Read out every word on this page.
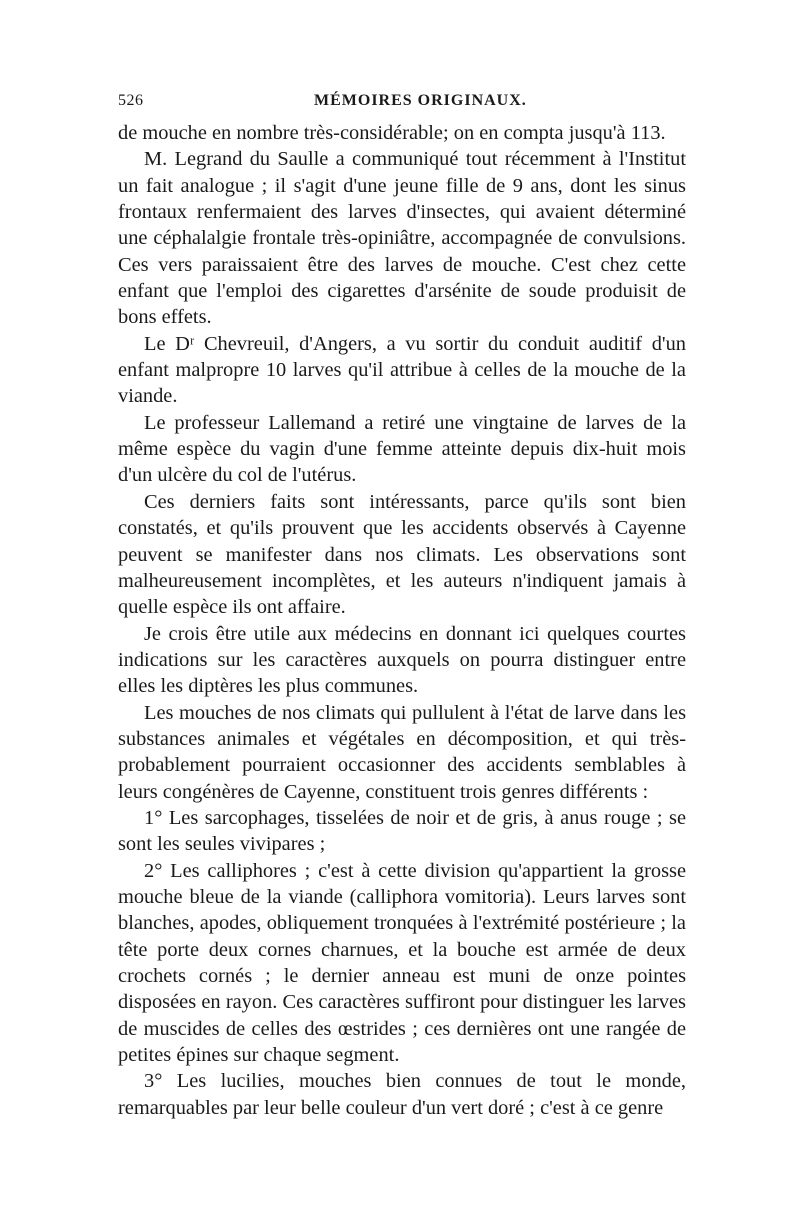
526	MÉMOIRES ORIGINAUX.

de mouche en nombre très-considérable; on en compta jusqu'à 113.

M. Legrand du Saulle a communiqué tout récemment à l'Institut un fait analogue ; il s'agit d'une jeune fille de 9 ans, dont les sinus frontaux renfermaient des larves d'insectes, qui avaient déterminé une céphalalgie frontale très-opiniâtre, accompagnée de convulsions. Ces vers paraissaient être des larves de mouche. C'est chez cette enfant que l'emploi des cigarettes d'arsénite de soude produisit de bons effets.

Le Dʳ Chevreuil, d'Angers, a vu sortir du conduit auditif d'un enfant malpropre 10 larves qu'il attribue à celles de la mouche de la viande.

Le professeur Lallemand a retiré une vingtaine de larves de la même espèce du vagin d'une femme atteinte depuis dix-huit mois d'un ulcère du col de l'utérus.

Ces derniers faits sont intéressants, parce qu'ils sont bien constatés, et qu'ils prouvent que les accidents observés à Cayenne peuvent se manifester dans nos climats. Les observations sont malheureusement incomplètes, et les auteurs n'indiquent jamais à quelle espèce ils ont affaire.

Je crois être utile aux médecins en donnant ici quelques courtes indications sur les caractères auxquels on pourra distinguer entre elles les diptères les plus communes.

Les mouches de nos climats qui pullulent à l'état de larve dans les substances animales et végétales en décomposition, et qui très-probablement pourraient occasionner des accidents semblables à leurs congénères de Cayenne, constituent trois genres différents :

1° Les sarcophages, tisselées de noir et de gris, à anus rouge ; se sont les seules vivipares ;

2° Les calliphores ; c'est à cette division qu'appartient la grosse mouche bleue de la viande (calliphora vomitoria). Leurs larves sont blanches, apodes, obliquement tronquées à l'extrémité postérieure ; la tête porte deux cornes charnues, et la bouche est armée de deux crochets cornés ; le dernier anneau est muni de onze pointes disposées en rayon. Ces caractères suffiront pour distinguer les larves de muscides de celles des œstrides ; ces dernières ont une rangée de petites épines sur chaque segment.

3° Les lucilies, mouches bien connues de tout le monde, remarquables par leur belle couleur d'un vert doré ; c'est à ce genre
